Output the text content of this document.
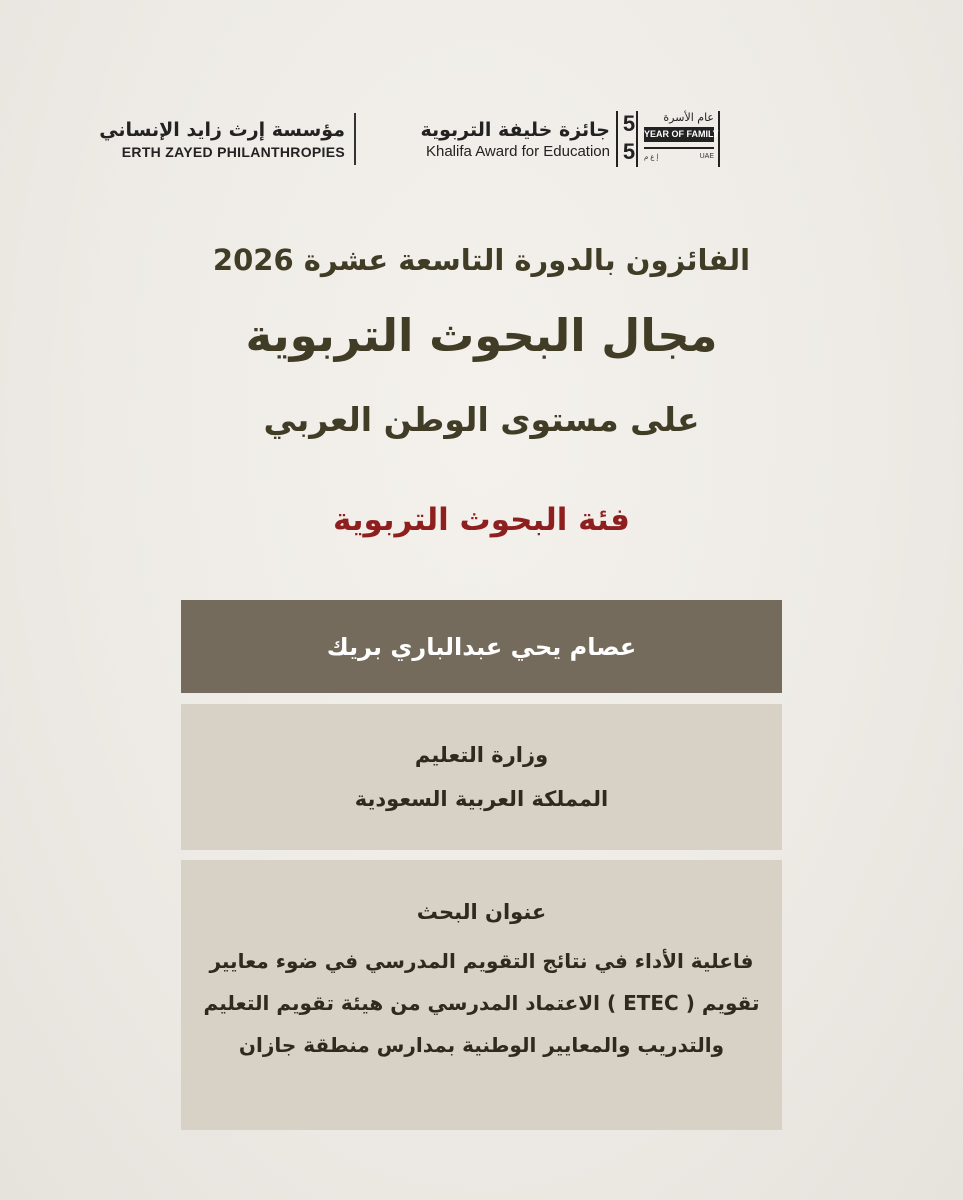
مؤسسة إرث زايد الإنساني
ERTH ZAYED PHILANTHROPIES
جائزة خليفة التربوية
Khalifa Award for Education
5
5
عام الأسرة
YEAR OF FAMILY
إ ع م	UAE
الفائزون بالدورة التاسعة عشرة 2026
مجال البحوث التربوية
على مستوى الوطن العربي
فئة البحوث التربوية
عصام يحي عبدالباري بريك
وزارة التعليم
المملكة العربية السعودية
عنوان البحث
فاعلية الأداء في نتائج التقويم المدرسي في ضوء معايير تقويم ( ETEC ) الاعتماد المدرسي من هيئة تقويم التعليم والتدريب والمعايير الوطنية بمدارس منطقة جازان
